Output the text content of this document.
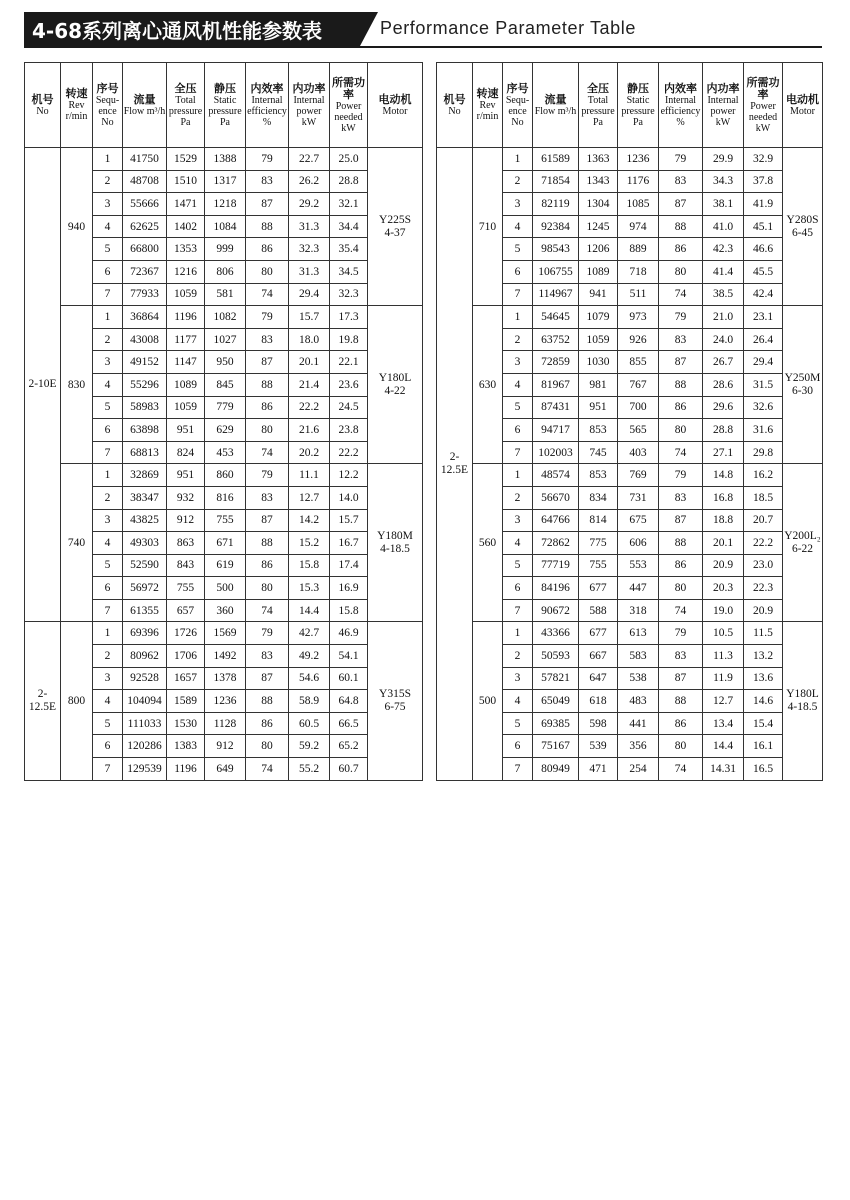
4-68系列离心通风机性能参数表	Performance Parameter Table
机号
No	转速
Rev r/min	序号
Sequ- ence No	流量
Flow m³/h	全压
Total pressure Pa	静压
Static pressure Pa	内效率
Internal efficiency %	内功率
Internal power kW	所需功率
Power needed kW	电动机
Motor

2-10E	940	1	41750	1529	1388	79	22.7	25.0	Y225S
4-37
		2	48708	1510	1317	83	26.2	28.8	
		3	55666	1471	1218	87	29.2	32.1	
		4	62625	1402	1084	88	31.3	34.4	
		5	66800	1353	999	86	32.3	35.4	
		6	72367	1216	806	80	31.3	34.5	
		7	77933	1059	581	74	29.4	32.3	
	830	1	36864	1196	1082	79	15.7	17.3	Y180L
4-22
		2	43008	1177	1027	83	18.0	19.8	
		3	49152	1147	950	87	20.1	22.1	
		4	55296	1089	845	88	21.4	23.6	
		5	58983	1059	779	86	22.2	24.5	
		6	63898	951	629	80	21.6	23.8	
		7	68813	824	453	74	20.2	22.2	
	740	1	32869	951	860	79	11.1	12.2	Y180M
4-18.5
		2	38347	932	816	83	12.7	14.0	
		3	43825	912	755	87	14.2	15.7	
		4	49303	863	671	88	15.2	16.7	
		5	52590	843	619	86	15.8	17.4	
		6	56972	755	500	80	15.3	16.9	
		7	61355	657	360	74	14.4	15.8	
2- 12.5E	800	1	69396	1726	1569	79	42.7	46.9	Y315S
6-75
		2	80962	1706	1492	83	49.2	54.1	
		3	92528	1657	1378	87	54.6	60.1	
		4	104094	1589	1236	88	58.9	64.8	
		5	111033	1530	1128	86	60.5	66.5	
		6	120286	1383	912	80	59.2	65.2	
		7	129539	1196	649	74	55.2	60.7	
机号
No	转速
Rev r/min	序号
Sequ- ence No	流量
Flow m³/h	全压
Total pressure Pa	静压
Static pressure Pa	内效率
Internal efficiency %	内功率
Internal power kW	所需功率
Power needed kW	电动机
Motor

2- 12.5E	710	1	61589	1363	1236	79	29.9	32.9	Y280S
6-45
		2	71854	1343	1176	83	34.3	37.8	
		3	82119	1304	1085	87	38.1	41.9	
		4	92384	1245	974	88	41.0	45.1	
		5	98543	1206	889	86	42.3	46.6	
		6	106755	1089	718	80	41.4	45.5	
		7	114967	941	511	74	38.5	42.4	
	630	1	54645	1079	973	79	21.0	23.1	Y250M
6-30
		2	63752	1059	926	83	24.0	26.4	
		3	72859	1030	855	87	26.7	29.4	
		4	81967	981	767	88	28.6	31.5	
		5	87431	951	700	86	29.6	32.6	
		6	94717	853	565	80	28.8	31.6	
		7	102003	745	403	74	27.1	29.8	
	560	1	48574	853	769	79	14.8	16.2	Y200L₂
6-22
		2	56670	834	731	83	16.8	18.5	
		3	64766	814	675	87	18.8	20.7	
		4	72862	775	606	88	20.1	22.2	
		5	77719	755	553	86	20.9	23.0	
		6	84196	677	447	80	20.3	22.3	
		7	90672	588	318	74	19.0	20.9	
	500	1	43366	677	613	79	10.5	11.5	Y180L
4-18.5
		2	50593	667	583	83	11.3	13.2	
		3	57821	647	538	87	11.9	13.6	
		4	65049	618	483	88	12.7	14.6	
		5	69385	598	441	86	13.4	15.4	
		6	75167	539	356	80	14.4	16.1	
		7	80949	471	254	74	14.31	16.5	
